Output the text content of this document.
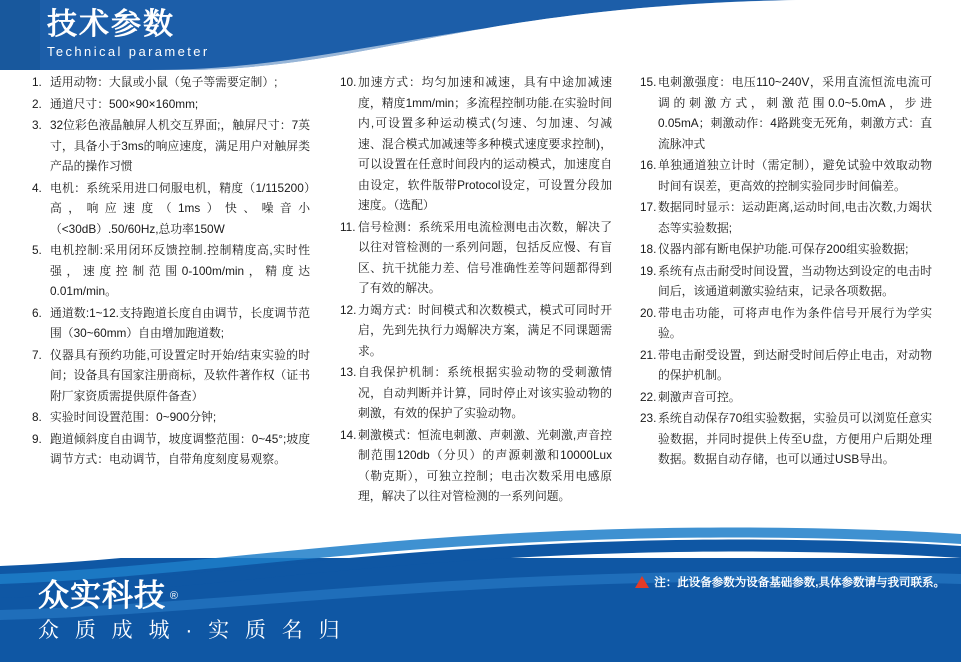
技术参数
Technical parameter
1. 适用动物：大鼠或小鼠（兔子等需要定制）;
2. 通道尺寸：500×90×160mm;
3. 32位彩色液晶触屏人机交互界面;，触屏尺寸：7英寸，具备小于3ms的响应速度，满足用户对触屏类产品的操作习惯
4. 电机：系统采用进口伺服电机，精度（1/115200）高，响应速度（1ms）快、噪音小（<30dB）.50/60Hz,总功率150W
5. 电机控制:采用闭环反馈控制.控制精度高,实时性强，速度控制范围0-100m/min，精度达0.01m/min。
6. 通道数:1~12.支持跑道长度自由调节，长度调节范围（30~60mm）自由增加跑道数;
7. 仪器具有预约功能,可设置定时开始/结束实验的时间；设备具有国家注册商标，及软件著作权（证书附厂家资质需提供原件备查）
8. 实验时间设置范围：0~900分钟;
9. 跑道倾斜度自由调节，坡度调整范围：0~45°;坡度调节方式：电动调节，自带角度刻度易观察。
10. 加速方式：均匀加速和减速，具有中途加减速度，精度1mm/min；多流程控制功能.在实验时间内,可设置多种运动模式(匀速、匀加速、匀减速、混合模式加减速等多种模式速度要求控制)，可以设置在任意时间段内的运动模式，加速度自由设定，软件版带Protocol设定，可设置分段加速度。（选配）
11. 信号检测：系统采用电流检测电击次数，解决了以往对管检测的一系列问题，包括反应慢、有盲区、抗干扰能力差、信号准确性差等问题都得到了有效的解决。
12. 力竭方式：时间模式和次数模式，模式可同时开启，先到先执行力竭解决方案，满足不同课题需求。
13. 自我保护机制：系统根据实验动物的受刺激情况，自动判断并计算，同时停止对该实验动物的刺激，有效的保护了实验动物。
14. 刺激模式：恒流电刺激、声刺激、光刺激,声音控制范围120db（分贝）的声源刺激和10000Lux（勒克斯），可独立控制；电击次数采用电感原理，解决了以往对管检测的一系列问题。
15. 电刺激强度：电压110~240V，采用直流恒流电流可调的刺激方式，刺激范围0.0~5.0mA，步进0.05mA；刺激动作：4路跳变无死角，刺激方式：直流脉冲式
16. 单独通道独立计时（需定制），避免试验中效取动物时间有误差，更高效的控制实验同步时间偏差。
17. 数据同时显示：运动距离,运动时间,电击次数,力竭状态等实验数据;
18. 仪器内部有断电保护功能.可保存200组实验数据;
19. 系统有点击耐受时间设置，当动物达到设定的电击时间后，该通道刺激实验结束，记录各项数据。
20. 带电击功能，可将声电作为条件信号开展行为学实验。
21. 带电击耐受设置，到达耐受时间后停止电击，对动物的保护机制。
22. 刺激声音可控。
23. 系统自动保存70组实验数据，实验员可以浏览任意实验数据，并同时提供上传至U盘，方便用户后期处理数据。数据自动存储，也可以通过USB导出。
众实科技 ®
众 质 成 城 · 实 质 名 归
注：此设备参数为设备基础参数,具体参数请与我司联系。
